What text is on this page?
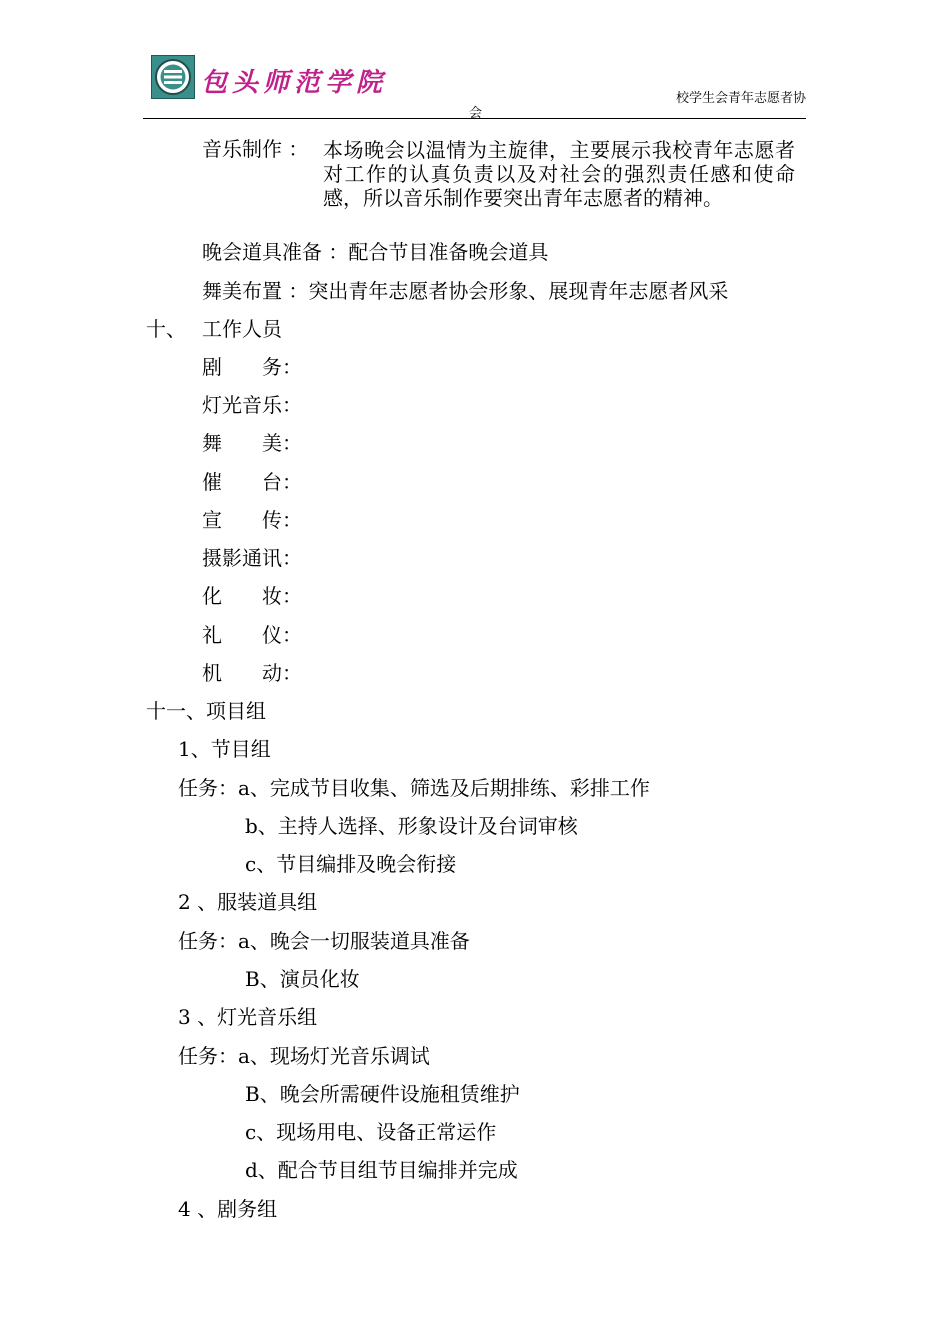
包头师范学院
校学生会青年志愿者协
会
音乐制作 ： 本场晚会以温情为主旋律，主要展示我校青年志愿者对工作的认真负责以及对社会的强烈责任感和使命感，所以音乐制作要突出青年志愿者的精神。
晚会道具准备 ：配合节目准备晚会道具
舞美布置 ：突出青年志愿者协会形象、展现青年志愿者风采
十、 工作人员
剧　　务：
灯光音乐：
舞　　美：
催　　台：
宣　　传：
摄影通讯：
化　　妆：
礼　　仪：
机　　动：
十一、项目组
1、节目组
任务：a、完成节目收集、筛选及后期排练、彩排工作
b、主持人选择、形象设计及台词审核
c、节目编排及晚会衔接
2 、服装道具组
任务：a、晚会一切服装道具准备
B、演员化妆
3 、灯光音乐组
任务：a、现场灯光音乐调试
B、晚会所需硬件设施租赁维护
c、现场用电、设备正常运作
d、配合节目组节目编排并完成
4 、剧务组
